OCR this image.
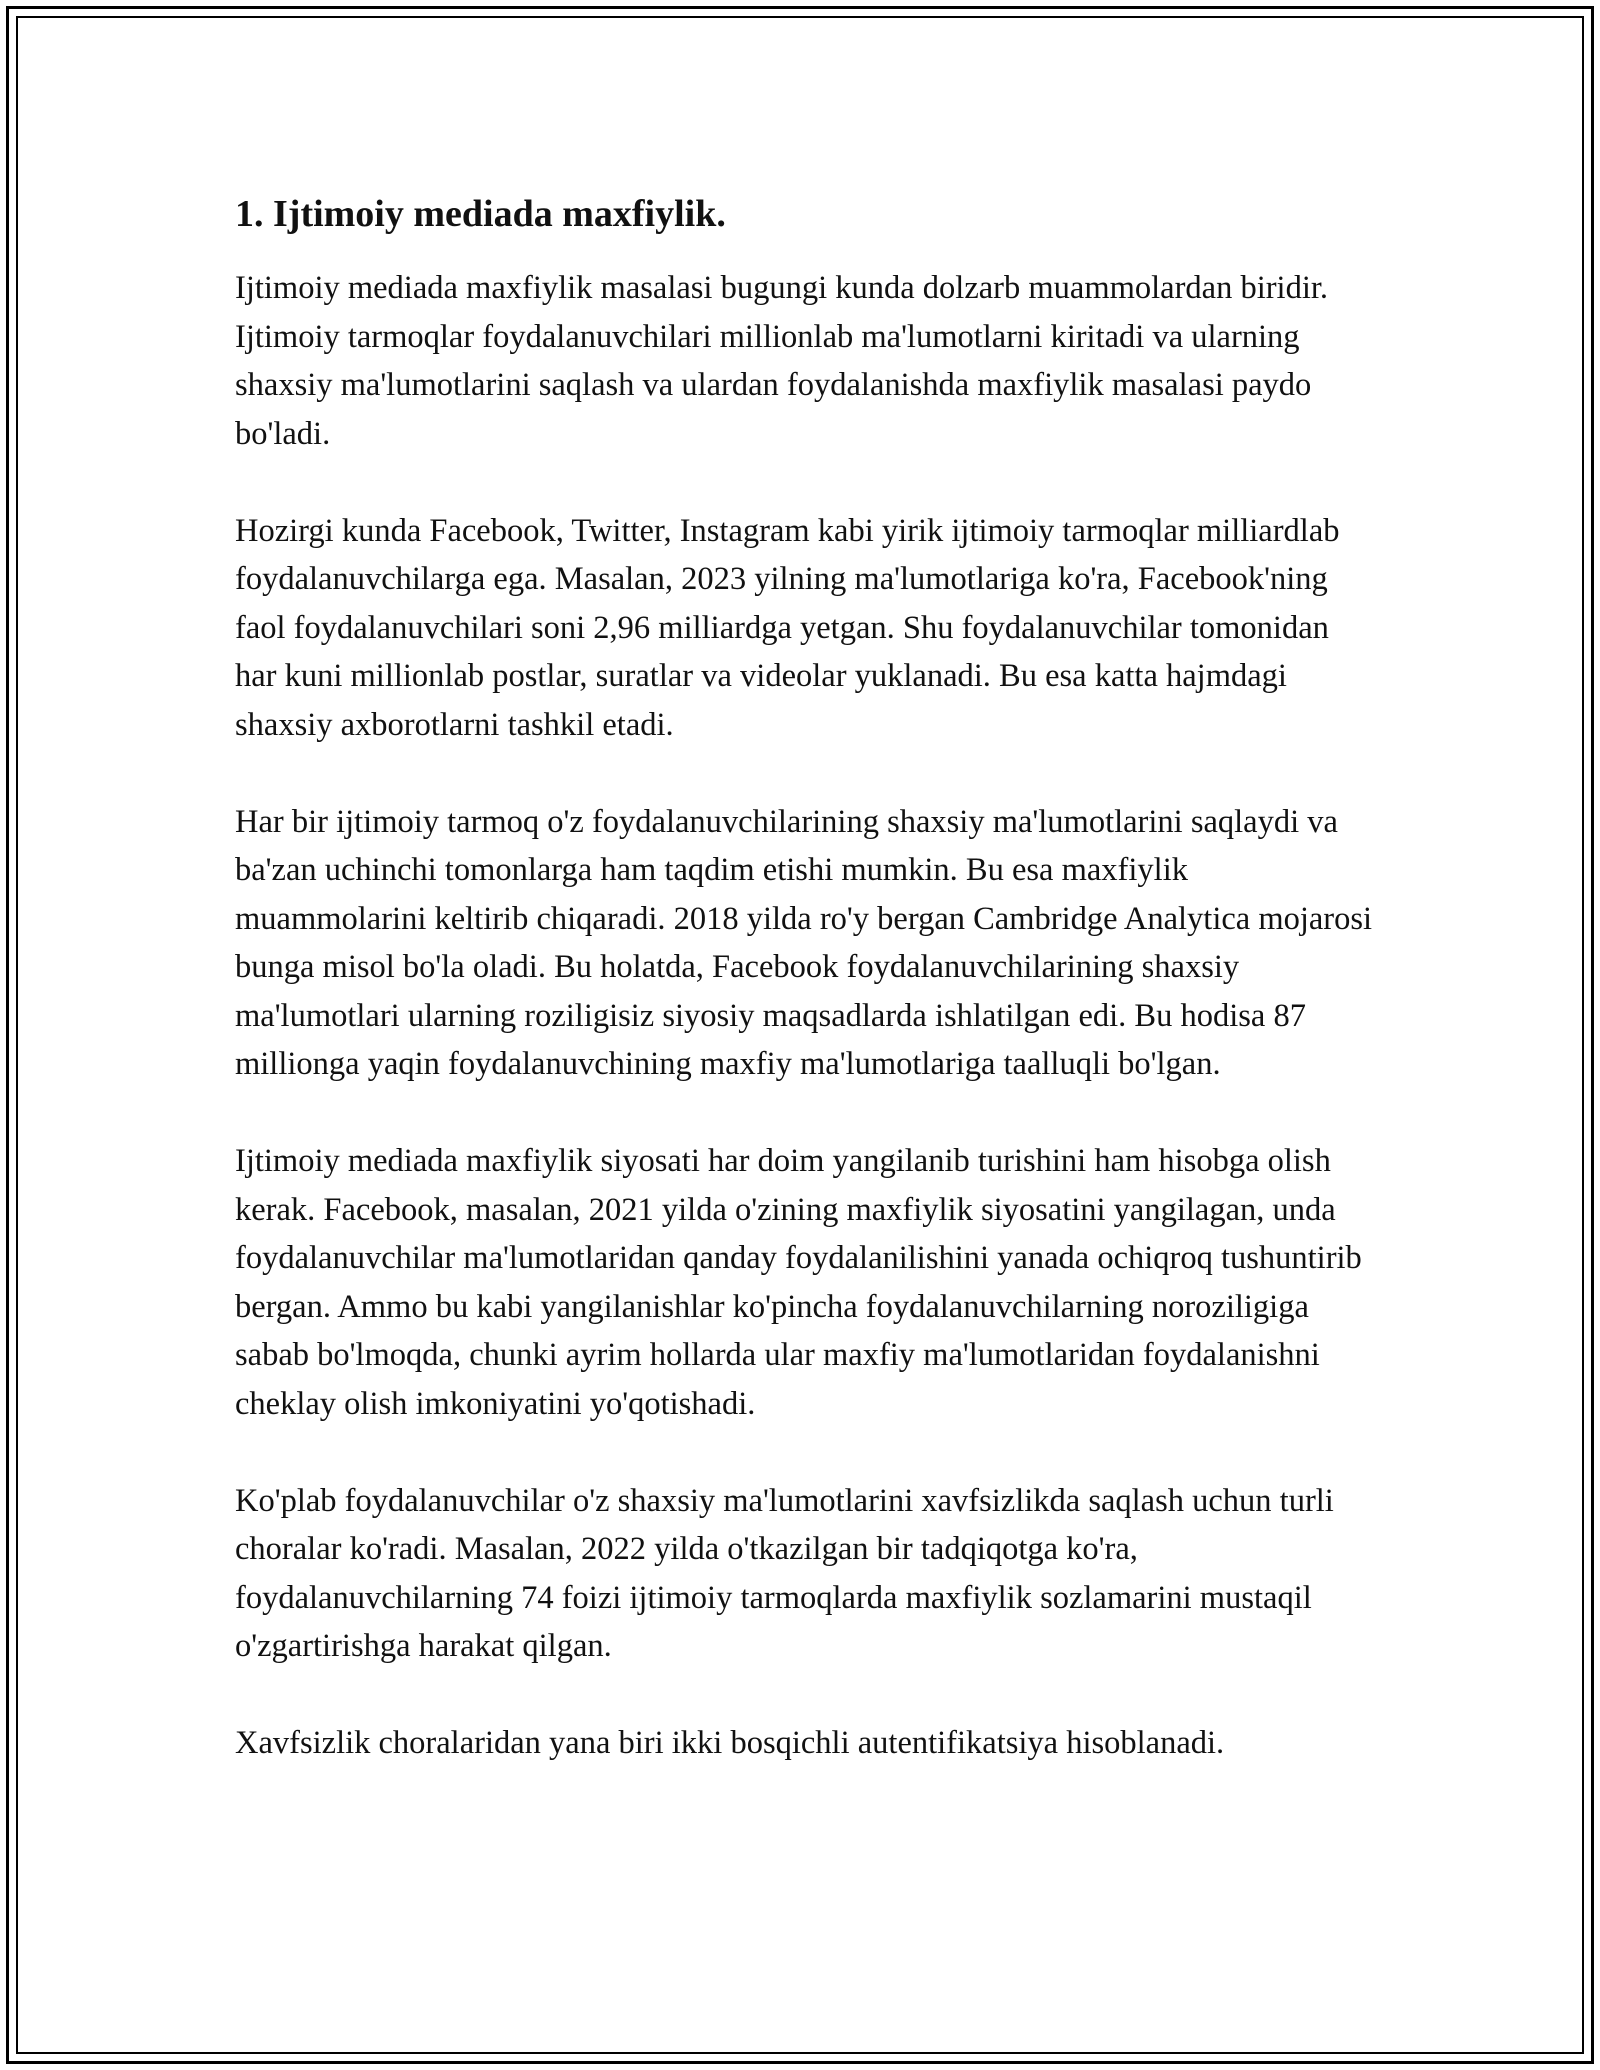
1. Ijtimoiy mediada maxfiylik.

Ijtimoiy mediada maxfiylik masalasi bugungi kunda dolzarb muammolardan biridir. Ijtimoiy tarmoqlar foydalanuvchilari millionlab ma'lumotlarni kiritadi va ularning shaxsiy ma'lumotlarini saqlash va ulardan foydalanishda maxfiylik masalasi paydo bo'ladi.

Hozirgi kunda Facebook, Twitter, Instagram kabi yirik ijtimoiy tarmoqlar milliardlab foydalanuvchilarga ega. Masalan, 2023 yilning ma'lumotlariga ko'ra, Facebook'ning faol foydalanuvchilari soni 2,96 milliardga yetgan. Shu foydalanuvchilar tomonidan har kuni millionlab postlar, suratlar va videolar yuklanadi. Bu esa katta hajmdagi shaxsiy axborotlarni tashkil etadi.

Har bir ijtimoiy tarmoq o'z foydalanuvchilarining shaxsiy ma'lumotlarini saqlaydi va ba'zan uchinchi tomonlarga ham taqdim etishi mumkin. Bu esa maxfiylik muammolarini keltirib chiqaradi. 2018 yilda ro'y bergan Cambridge Analytica mojarosi bunga misol bo'la oladi. Bu holatda, Facebook foydalanuvchilarining shaxsiy ma'lumotlari ularning roziligisiz siyosiy maqsadlarda ishlatilgan edi. Bu hodisa 87 millionga yaqin foydalanuvchining maxfiy ma'lumotlariga taalluqli bo'lgan.

Ijtimoiy mediada maxfiylik siyosati har doim yangilanib turishini ham hisobga olish kerak. Facebook, masalan, 2021 yilda o'zining maxfiylik siyosatini yangilagan, unda foydalanuvchilar ma'lumotlaridan qanday foydalanilishini yanada ochiqroq tushuntirib bergan. Ammo bu kabi yangilanishlar ko'pincha foydalanuvchilarning noroziligiga sabab bo'lmoqda, chunki ayrim hollarda ular maxfiy ma'lumotlaridan foydalanishni cheklay olish imkoniyatini yo'qotishadi.

Ko'plab foydalanuvchilar o'z shaxsiy ma'lumotlarini xavfsizlikda saqlash uchun turli choralar ko'radi. Masalan, 2022 yilda o'tkazilgan bir tadqiqotga ko'ra, foydalanuvchilarning 74 foizi ijtimoiy tarmoqlarda maxfiylik sozlamarini mustaqil o'zgartirishga harakat qilgan.

Xavfsizlik choralaridan yana biri ikki bosqichli autentifikatsiya hisoblanadi.
